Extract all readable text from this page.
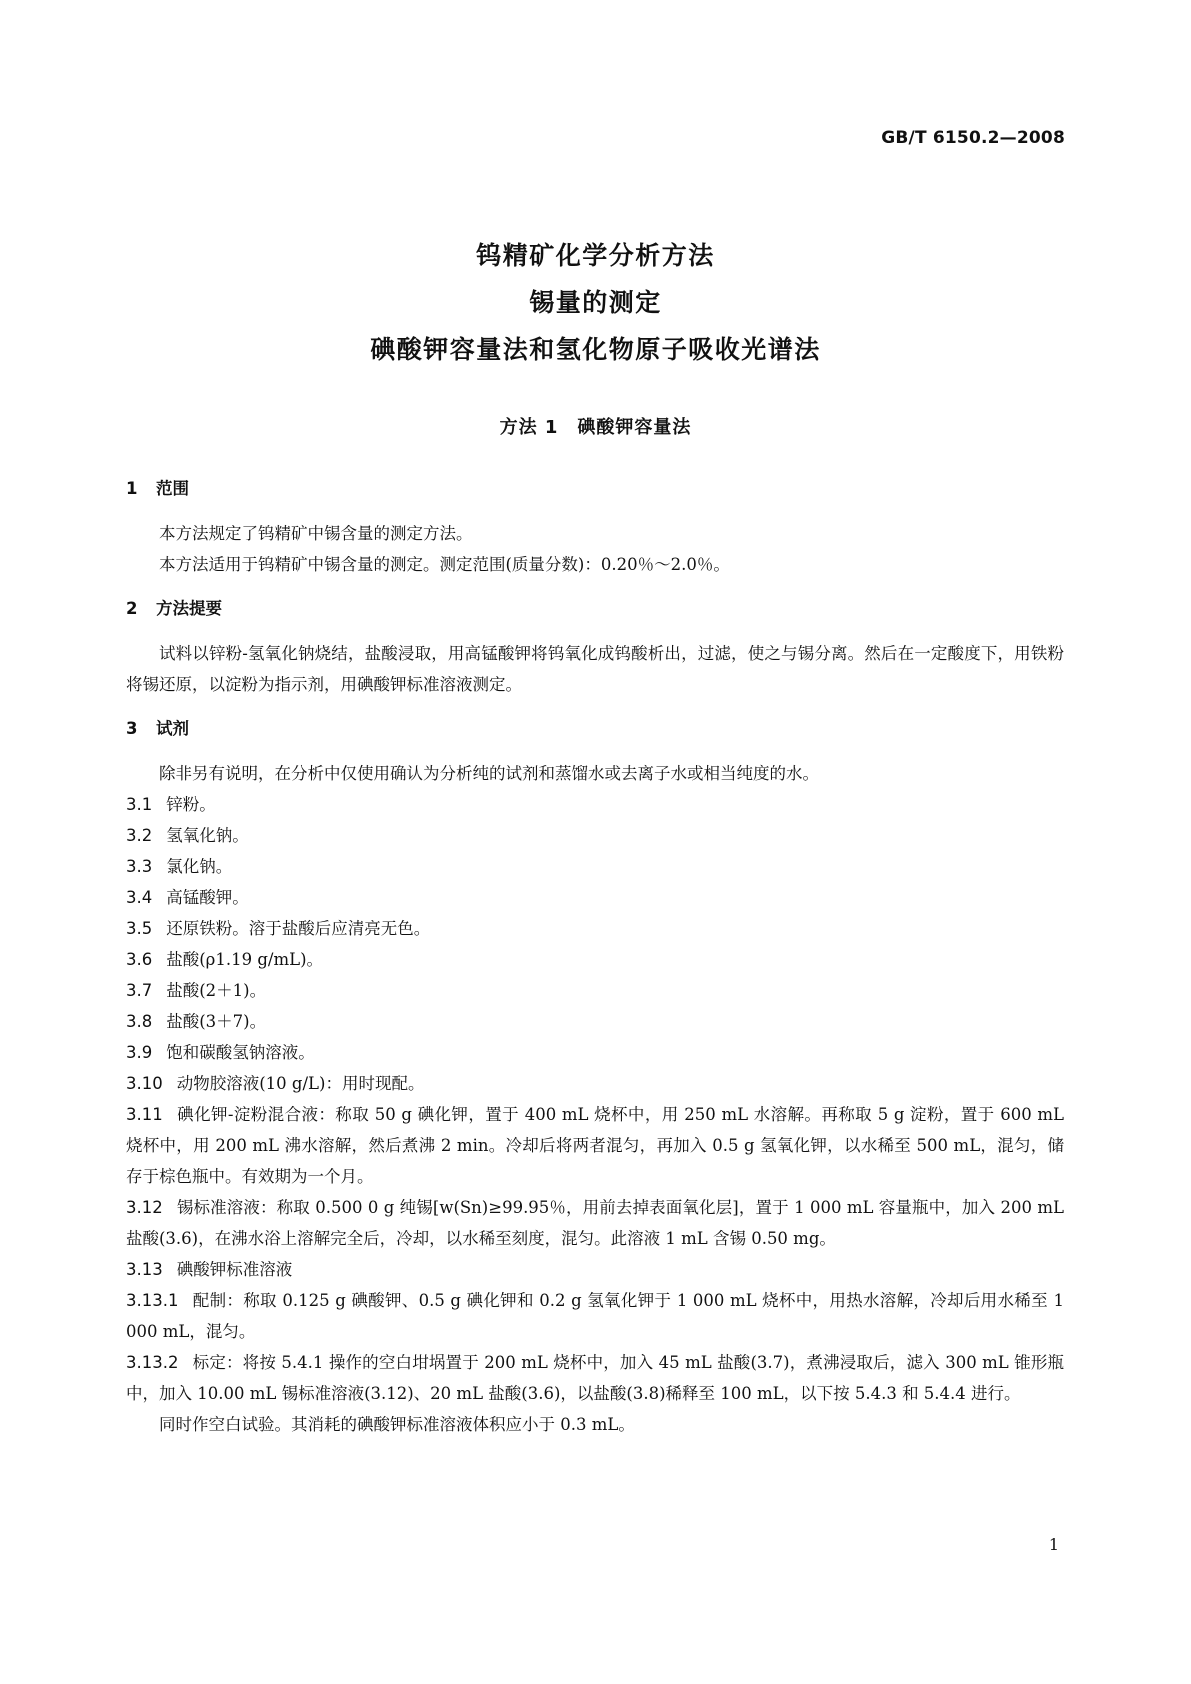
GB/T 6150.2—2008
钨精矿化学分析方法
锡量的测定
碘酸钾容量法和氢化物原子吸收光谱法
方法 1　碘酸钾容量法
1 范围
本方法规定了钨精矿中锡含量的测定方法。
本方法适用于钨精矿中锡含量的测定。测定范围(质量分数)：0.20％～2.0％。
2 方法提要
试料以锌粉-氢氧化钠烧结，盐酸浸取，用高锰酸钾将钨氧化成钨酸析出，过滤，使之与锡分离。然后在一定酸度下，用铁粉将锡还原，以淀粉为指示剂，用碘酸钾标准溶液测定。
3 试剂
除非另有说明，在分析中仅使用确认为分析纯的试剂和蒸馏水或去离子水或相当纯度的水。
3.1 锌粉。
3.2 氢氧化钠。
3.3 氯化钠。
3.4 高锰酸钾。
3.5 还原铁粉。溶于盐酸后应清亮无色。
3.6 盐酸(ρ1.19 g/mL)。
3.7 盐酸(2＋1)。
3.8 盐酸(3＋7)。
3.9 饱和碳酸氢钠溶液。
3.10 动物胶溶液(10 g/L)：用时现配。
3.11 碘化钾-淀粉混合液：称取 50 g 碘化钾，置于 400 mL 烧杯中，用 250 mL 水溶解。再称取 5 g 淀粉，置于 600 mL 烧杯中，用 200 mL 沸水溶解，然后煮沸 2 min。冷却后将两者混匀，再加入 0.5 g 氢氧化钾，以水稀至 500 mL，混匀，储存于棕色瓶中。有效期为一个月。
3.12 锡标准溶液：称取 0.500 0 g 纯锡[w(Sn)≥99.95％，用前去掉表面氧化层]，置于 1 000 mL 容量瓶中，加入 200 mL 盐酸(3.6)，在沸水浴上溶解完全后，冷却，以水稀至刻度，混匀。此溶液 1 mL 含锡 0.50 mg。
3.13 碘酸钾标准溶液
3.13.1 配制：称取 0.125 g 碘酸钾、0.5 g 碘化钾和 0.2 g 氢氧化钾于 1 000 mL 烧杯中，用热水溶解，冷却后用水稀至 1 000 mL，混匀。
3.13.2 标定：将按 5.4.1 操作的空白坩埚置于 200 mL 烧杯中，加入 45 mL 盐酸(3.7)，煮沸浸取后，滤入 300 mL 锥形瓶中，加入 10.00 mL 锡标准溶液(3.12)、20 mL 盐酸(3.6)，以盐酸(3.8)稀释至 100 mL，以下按 5.4.3 和 5.4.4 进行。
同时作空白试验。其消耗的碘酸钾标准溶液体积应小于 0.3 mL。
1
